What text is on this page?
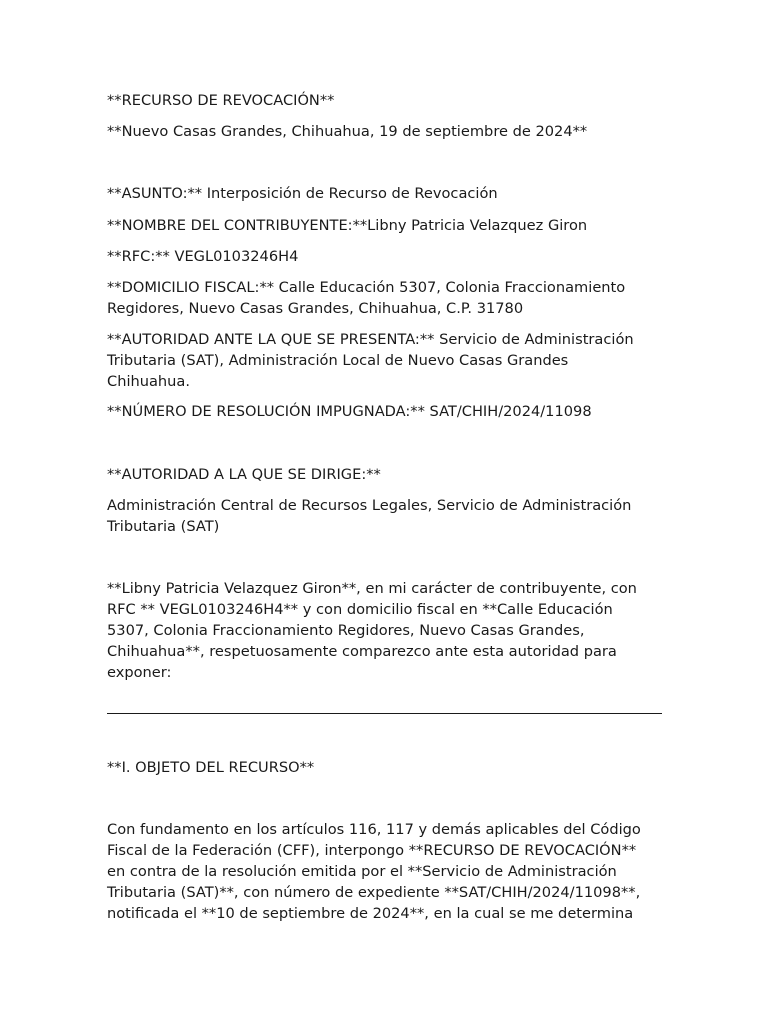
**RECURSO DE REVOCACIÓN**

**Nuevo Casas Grandes, Chihuahua, 19 de septiembre de 2024**

**ASUNTO:** Interposición de Recurso de Revocación

**NOMBRE DEL CONTRIBUYENTE:**Libny Patricia Velazquez Giron

**RFC:** VEGL0103246H4

**DOMICILIO FISCAL:** Calle Educación 5307, Colonia Fraccionamiento
Regidores, Nuevo Casas Grandes, Chihuahua, C.P. 31780

**AUTORIDAD ANTE LA QUE SE PRESENTA:** Servicio de Administración
Tributaria (SAT), Administración Local de Nuevo Casas Grandes
Chihuahua.

**NÚMERO DE RESOLUCIÓN IMPUGNADA:** SAT/CHIH/2024/11098

**AUTORIDAD A LA QUE SE DIRIGE:**

Administración Central de Recursos Legales, Servicio de Administración
Tributaria (SAT)

**Libny Patricia Velazquez Giron**, en mi carácter de contribuyente, con
RFC ** VEGL0103246H4** y con domicilio fiscal en **Calle Educación
5307, Colonia Fraccionamiento Regidores, Nuevo Casas Grandes,
Chihuahua**, respetuosamente comparezco ante esta autoridad para
exponer:

**I. OBJETO DEL RECURSO**

Con fundamento en los artículos 116, 117 y demás aplicables del Código
Fiscal de la Federación (CFF), interpongo **RECURSO DE REVOCACIÓN**
en contra de la resolución emitida por el **Servicio de Administración
Tributaria (SAT)**, con número de expediente **SAT/CHIH/2024/11098**,
notificada el **10 de septiembre de 2024**, en la cual se me determina
